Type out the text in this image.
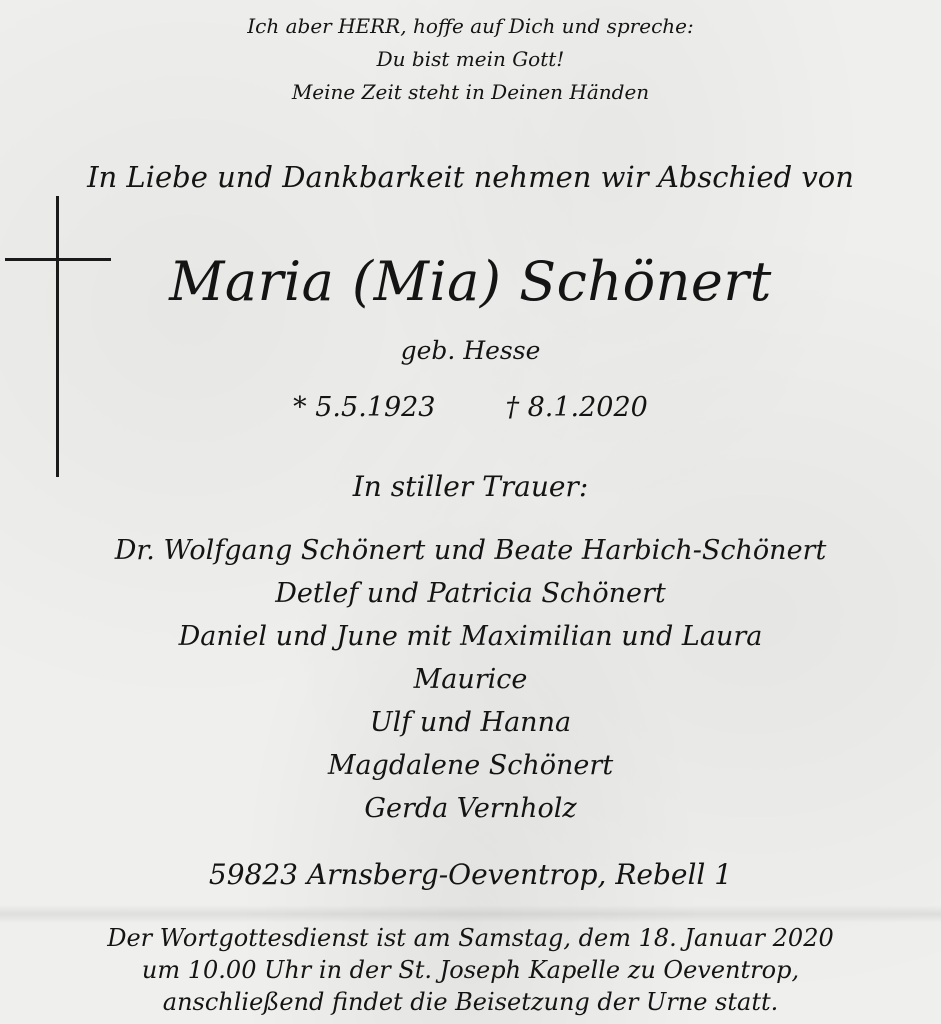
Ich aber HERR, hoffe auf Dich und spreche:

Du bist mein Gott!

Meine Zeit steht in Deinen Händen

In Liebe und Dankbarkeit nehmen wir Abschied von

Maria (Mia) Schönert

geb. Hesse

* 5.5.1923	† 8.1.2020

In stiller Trauer:

Dr. Wolfgang Schönert und Beate Harbich-Schönert

Detlef und Patricia Schönert

Daniel und June mit Maximilian und Laura

Maurice

Ulf und Hanna

Magdalene Schönert

Gerda Vernholz

59823 Arnsberg-Oeventrop, Rebell 1

Der Wortgottesdienst ist am Samstag, dem 18. Januar 2020

um 10.00 Uhr in der St. Joseph Kapelle zu Oeventrop,

anschließend findet die Beisetzung der Urne statt.
